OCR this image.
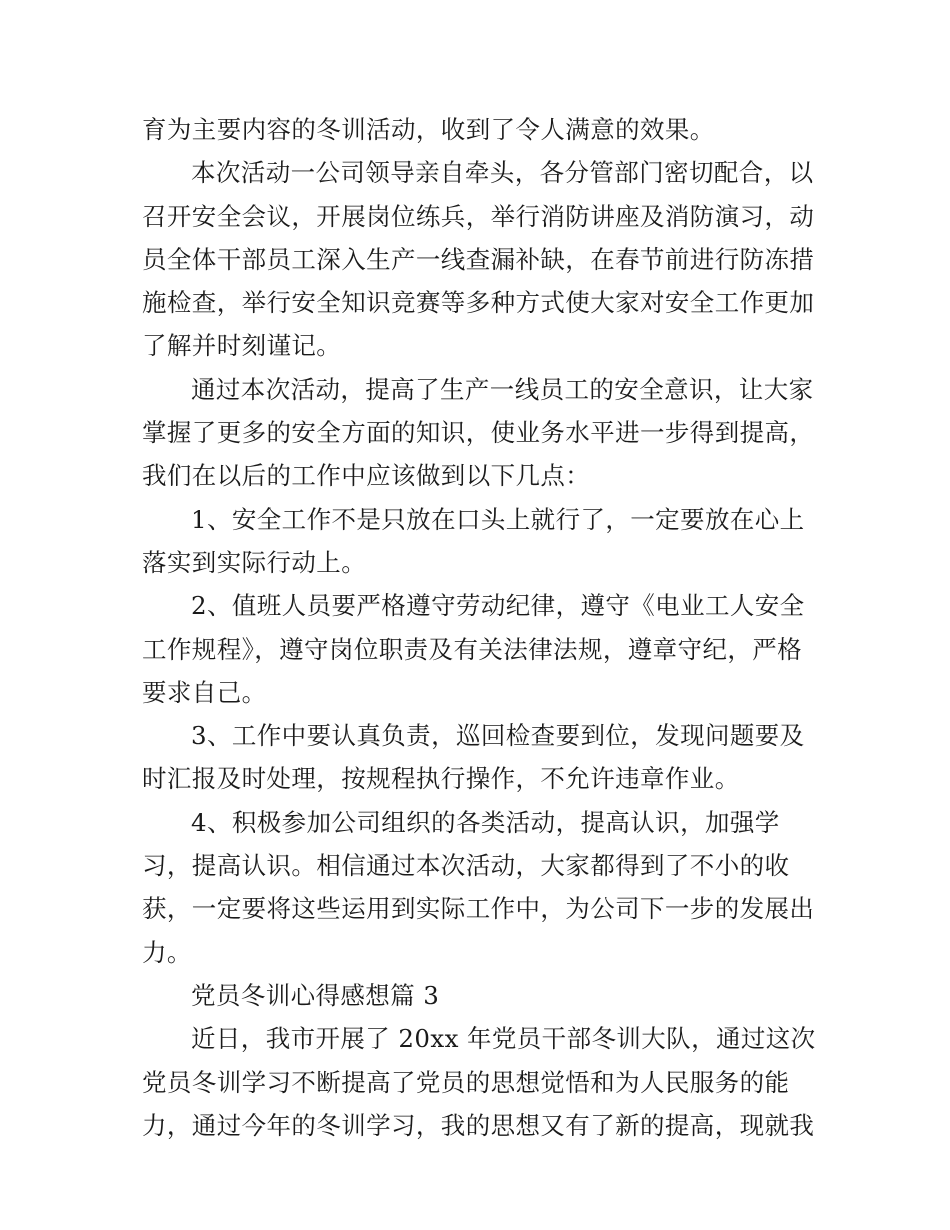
育为主要内容的冬训活动，收到了令人满意的效果。
本次活动一公司领导亲自牵头，各分管部门密切配合，以
召开安全会议，开展岗位练兵，举行消防讲座及消防演习，动
员全体干部员工深入生产一线查漏补缺，在春节前进行防冻措
施检查，举行安全知识竞赛等多种方式使大家对安全工作更加
了解并时刻谨记。
通过本次活动，提高了生产一线员工的安全意识，让大家
掌握了更多的安全方面的知识，使业务水平进一步得到提高，
我们在以后的工作中应该做到以下几点：
1、安全工作不是只放在口头上就行了，一定要放在心上
落实到实际行动上。
2、值班人员要严格遵守劳动纪律，遵守《电业工人安全
工作规程》，遵守岗位职责及有关法律法规，遵章守纪，严格
要求自己。
3、工作中要认真负责，巡回检查要到位，发现问题要及
时汇报及时处理，按规程执行操作，不允许违章作业。
4、积极参加公司组织的各类活动，提高认识，加强学
习，提高认识。相信通过本次活动，大家都得到了不小的收
获，一定要将这些运用到实际工作中，为公司下一步的发展出
力。
党员冬训心得感想篇 3
近日，我市开展了 20xx 年党员干部冬训大队，通过这次
党员冬训学习不断提高了党员的思想觉悟和为人民服务的能
力，通过今年的冬训学习，我的思想又有了新的提高，现就我
